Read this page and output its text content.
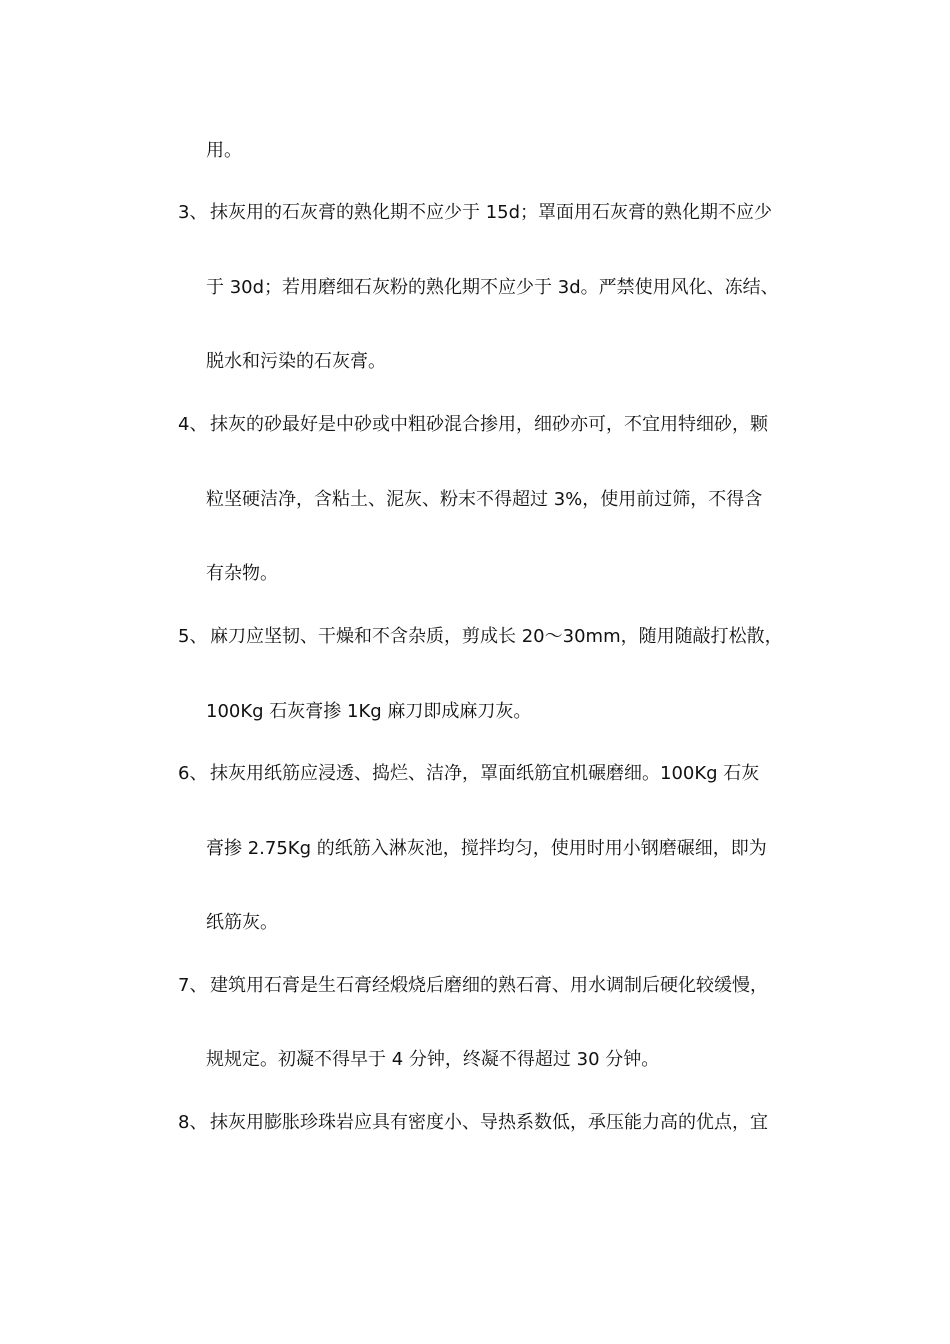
用。
3、 抹灰用的石灰膏的熟化期不应少于 15d；罩面用石灰膏的熟化期不应少
于 30d；若用磨细石灰粉的熟化期不应少于 3d。严禁使用风化、冻结、
脱水和污染的石灰膏。
4、 抹灰的砂最好是中砂或中粗砂混合掺用，细砂亦可，不宜用特细砂，颗
粒坚硬洁净，含粘土、泥灰、粉末不得超过 3%，使用前过筛，不得含
有杂物。
5、 麻刀应坚韧、干燥和不含杂质，剪成长 20～30mm，随用随敲打松散，
100Kg 石灰膏掺 1Kg 麻刀即成麻刀灰。
6、 抹灰用纸筋应浸透、捣烂、洁净，罩面纸筋宜机碾磨细。100Kg 石灰
膏掺 2.75Kg 的纸筋入淋灰池，搅拌均匀，使用时用小钢磨碾细，即为
纸筋灰。
7、 建筑用石膏是生石膏经煅烧后磨细的熟石膏、用水调制后硬化较缓慢，
规规定。初凝不得早于 4 分钟，终凝不得超过 30 分钟。
8、 抹灰用膨胀珍珠岩应具有密度小、导热系数低，承压能力高的优点，宜
